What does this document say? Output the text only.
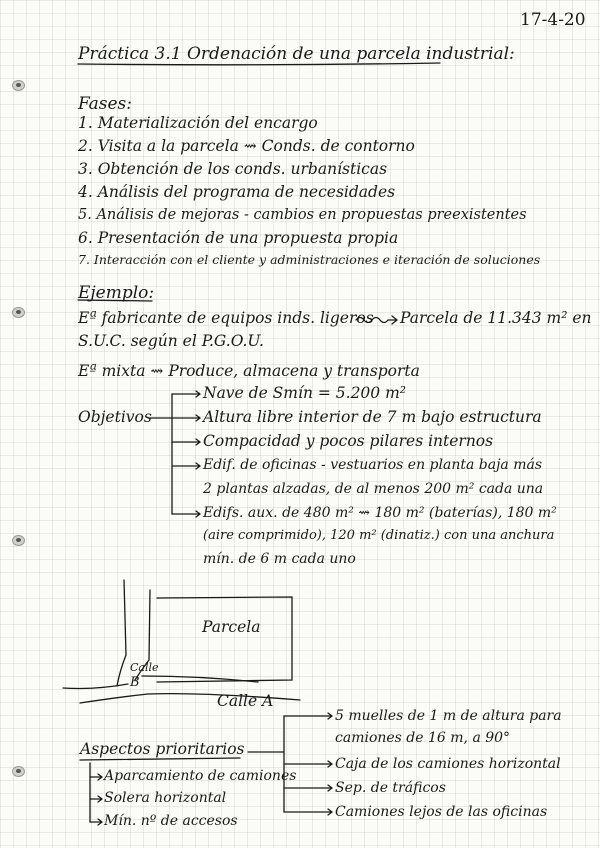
17-4-20
Práctica 3.1 Ordenación de una parcela industrial:
Fases:
1. Materialización del encargo
2. Visita a la parcela ⇝ Conds. de contorno
3. Obtención de los conds. urbanísticas
4. Análisis del programa de necesidades
5. Análisis de mejoras - cambios en propuestas preexistentes
6. Presentación de una propuesta propia
7. Interacción con el cliente y administraciones e iteración de soluciones
Ejemplo:
Eª fabricante de equipos inds. ligeros Parcela de 11.343 m² en
S.U.C. según el P.G.O.U.
Eª mixta ⇝ Produce, almacena y transporta
Objetivos
Nave de Smín = 5.200 m²
Altura libre interior de 7 m bajo estructura
Compacidad y pocos pilares internos
Edif. de oficinas - vestuarios en planta baja más
2 plantas alzadas, de al menos 200 m² cada una
Edifs. aux. de 480 m² ⇝ 180 m² (baterías), 180 m²
(aire comprimido), 120 m² (dinatiz.) con una anchura
mín. de 6 m cada uno
Parcela
Calle
B
Calle A
Aspectos prioritarios
Aparcamiento de camiones
Solera horizontal
Mín. nº de accesos
5 muelles de 1 m de altura para
camiones de 16 m, a 90°
Caja de los camiones horizontal
Sep. de tráficos
Camiones lejos de las oficinas
